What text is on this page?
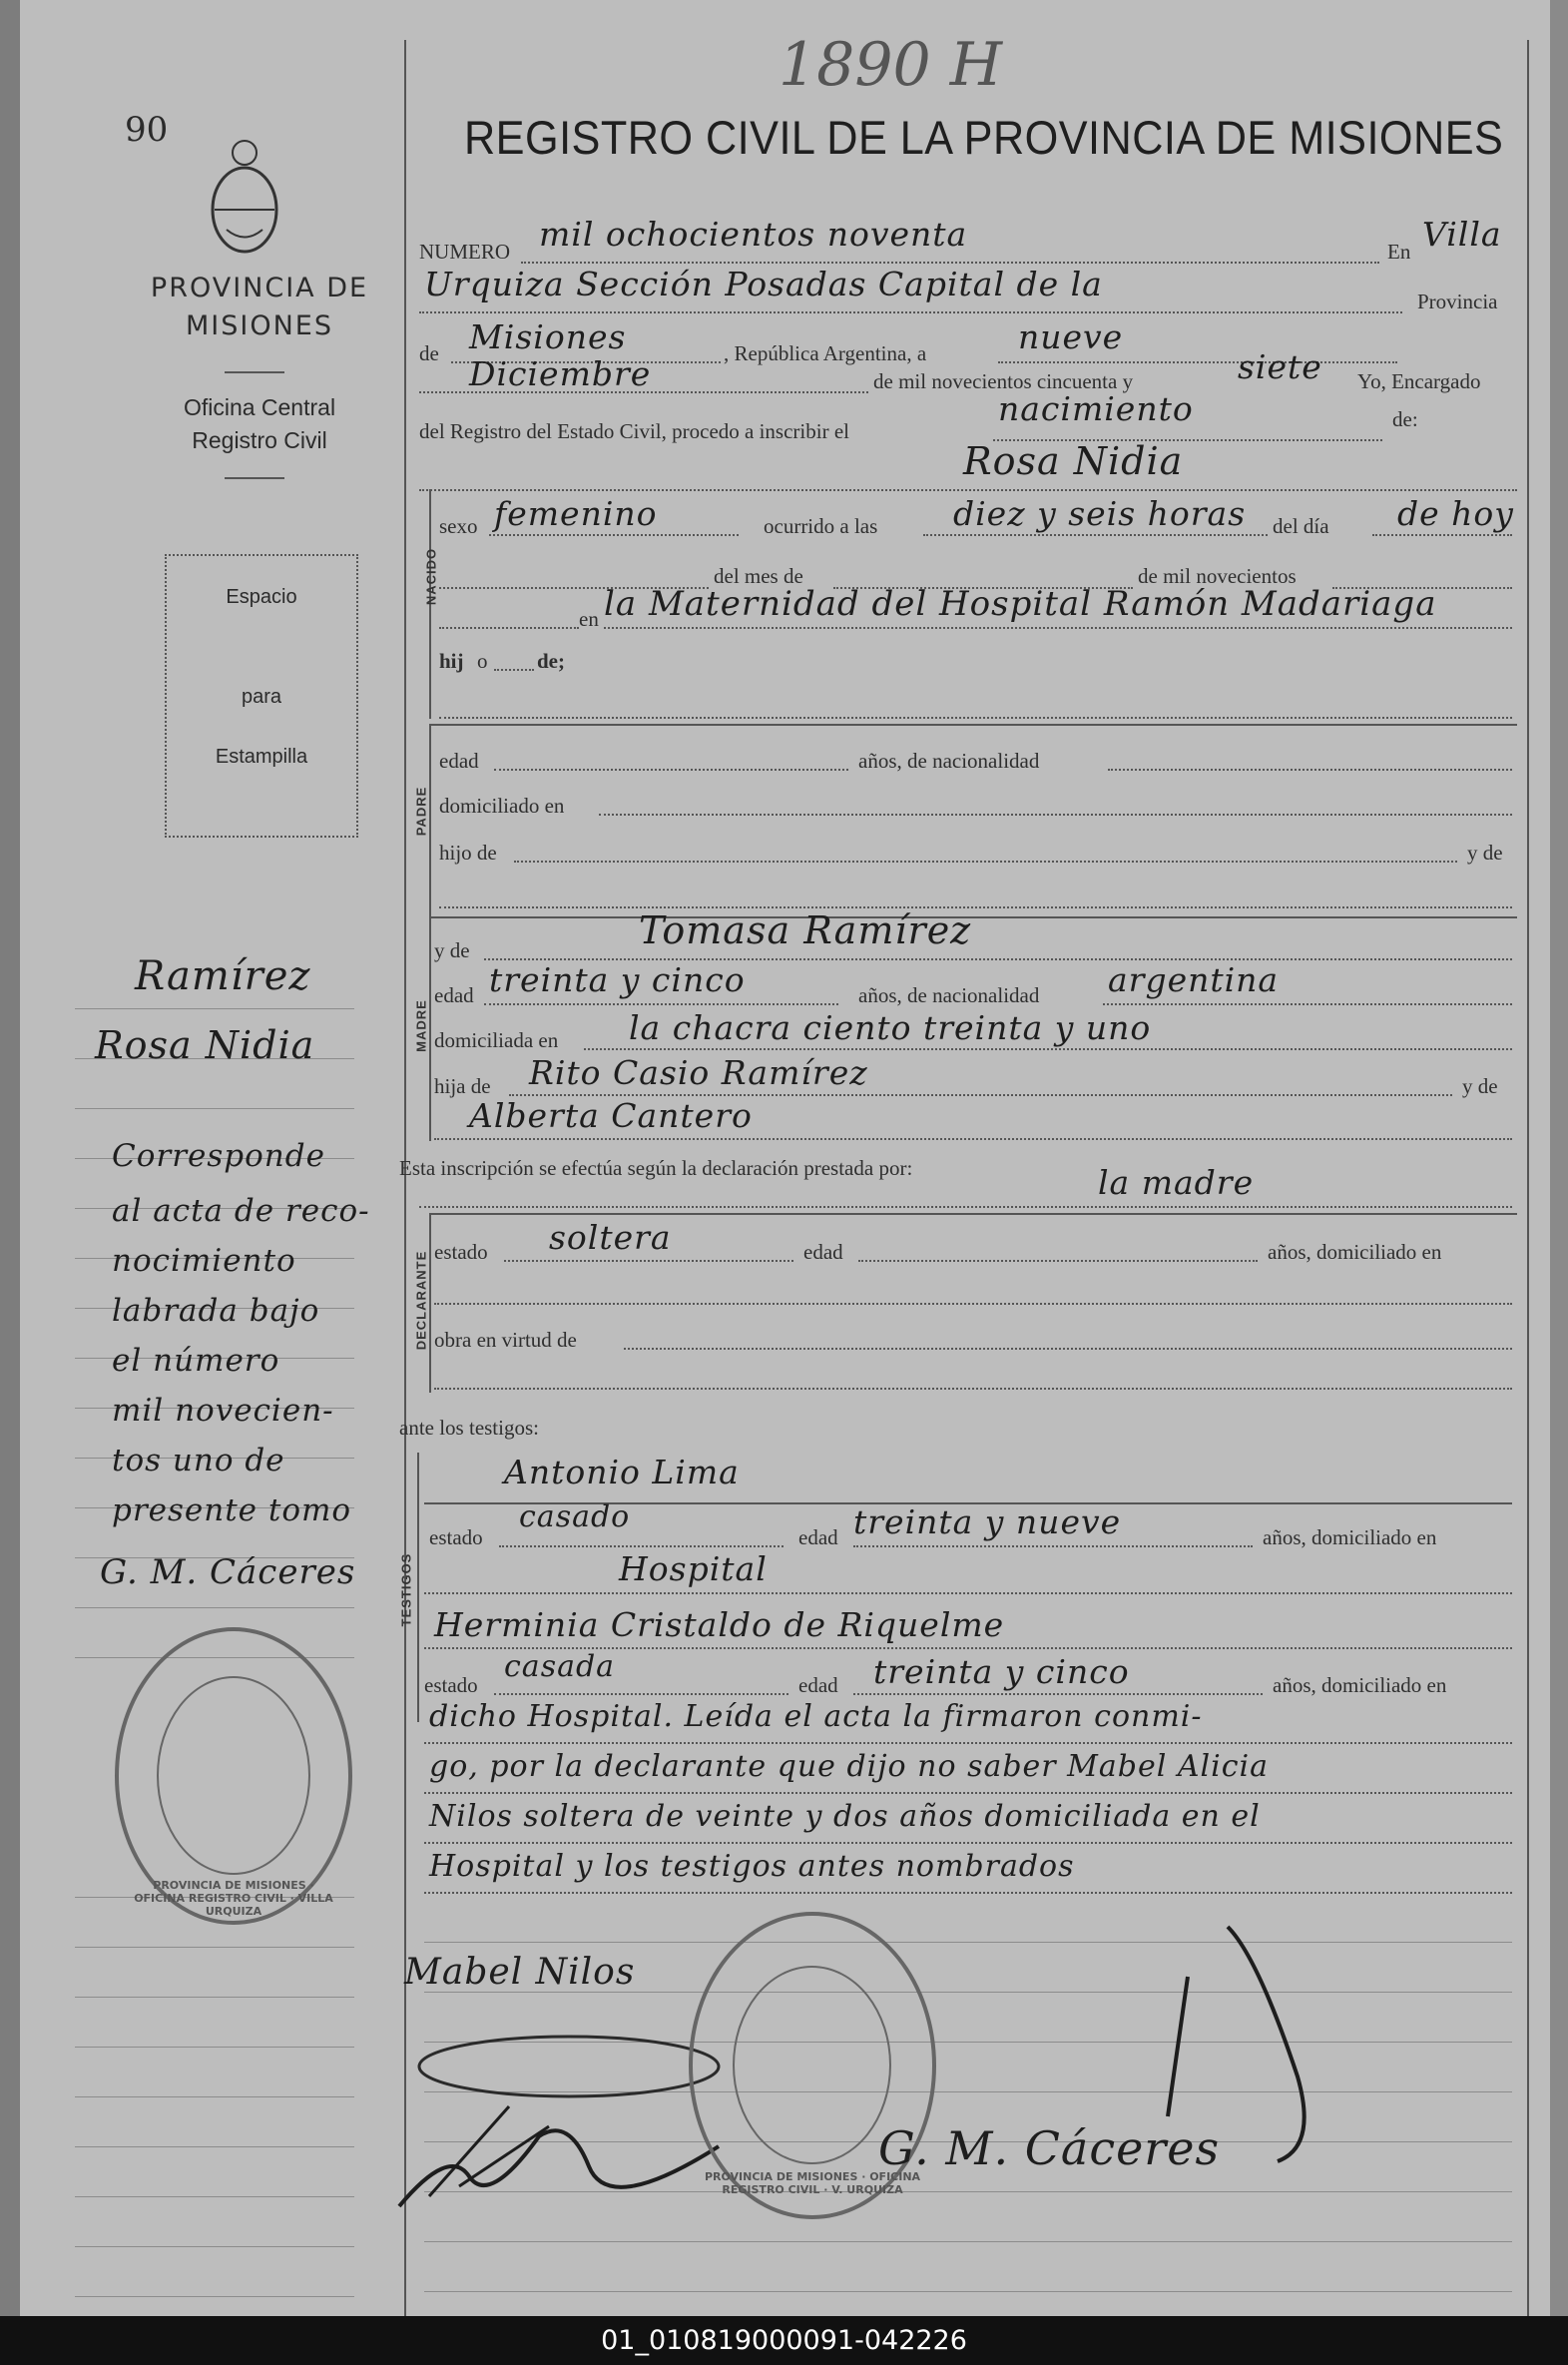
90
PROVINCIA DE MISIONES
Oficina Central
Registro Civil
Espacio
para
Estampilla
Ramírez
Rosa Nidia
Corresponde
al acta de reco-
nocimiento
labrada bajo
el número
mil novecien-
tos uno de
presente tomo
G. M. Cáceres
PROVINCIA DE MISIONES · OFICINA REGISTRO CIVIL · VILLA URQUIZA
1890 H
REGISTRO CIVIL DE LA PROVINCIA DE MISIONES
NUMERO mil ochocientos noventa	En Villa
Urquiza Sección Posadas Capital de la	Provincia
de Misiones	, República Argentina, a	nueve
Diciembre	de mil novecientos cincuenta y	siete Yo, Encargado
del Registro del Estado Civil, procedo a inscribir el
nacimiento	de:
Rosa Nidia
NACIDO
sexo femenino	ocurrido a las diez y seis horas del día de hoy
del mes de	de mil novecientos
en la Maternidad del Hospital Ramón Madariaga
hij o de;
PADRE
edad	años, de nacionalidad
domiciliado en
hijo de	y de
MADRE
y de	Tomasa Ramírez
edad treinta y cinco	años, de nacionalidad argentina
domiciliada en la chacra ciento treinta y uno
hija de Rito Casio Ramírez	y de
Alberta Cantero
Esta inscripción se efectúa según la declaración prestada por:	la madre
DECLARANTE estado soltera	edad	años, domiciliado en
obra en virtud de
ante los testigos:
TESTIGOS
Antonio Lima
estado
casado
edad treinta y nueve	años, domiciliado en
Hospital
Herminia Cristaldo de Riquelme
estado
casada
edad treinta y cinco	años, domiciliado en
dicho Hospital. Leída el acta la firmaron conmi-
go, por la declarante que dijo no saber Mabel Alicia
Nilos soltera de veinte y dos años domiciliada en el
Hospital y los testigos antes nombrados
Mabel Nilos
PROVINCIA DE MISIONES · OFICINA REGISTRO CIVIL · V. URQUIZA
G. M. Cáceres
01_010819000091-042226
